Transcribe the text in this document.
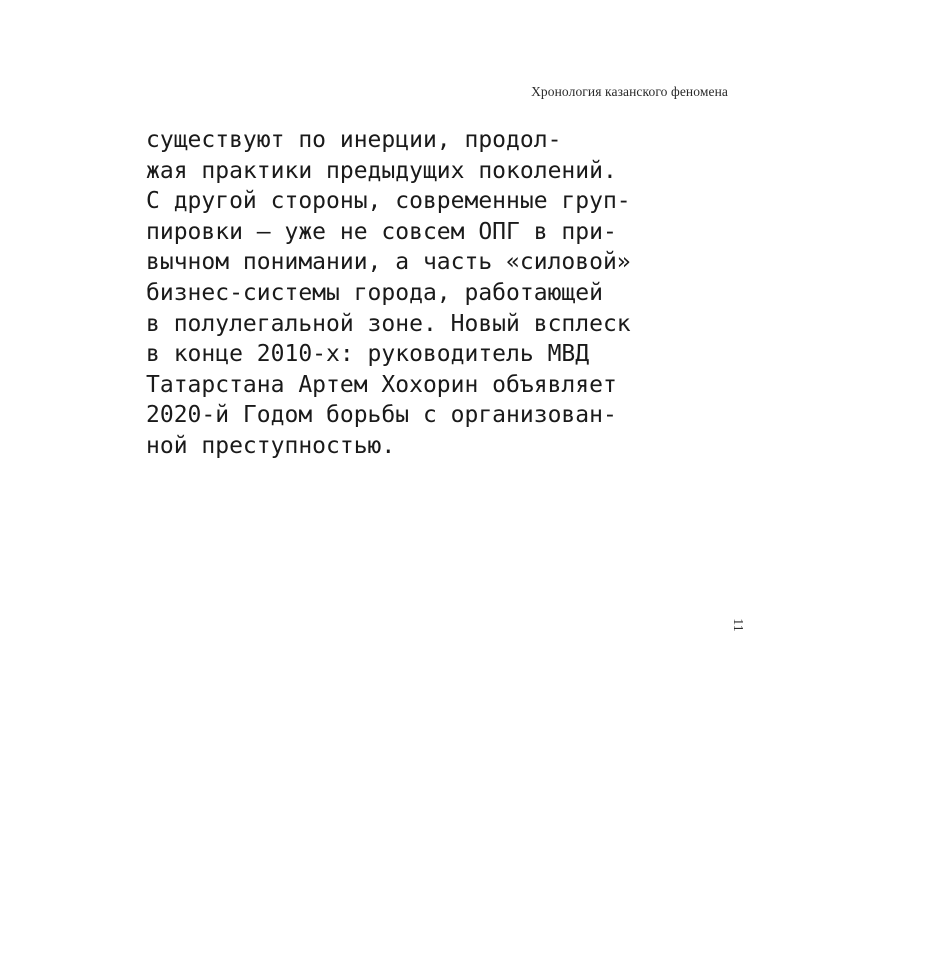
Хронология казанского феномена
существуют по инерции, продол-
жая практики предыдущих поколений.
С другой стороны, современные груп-
пировки — уже не совсем ОПГ в при-
вычном понимании, а часть «силовой»
бизнес-системы города, работающей
в полулегальной зоне. Новый всплеск
в конце 2010-х: руководитель МВД
Татарстана Артем Хохорин объявляет
2020-й Годом борьбы с организован-
ной преступностью.
11
